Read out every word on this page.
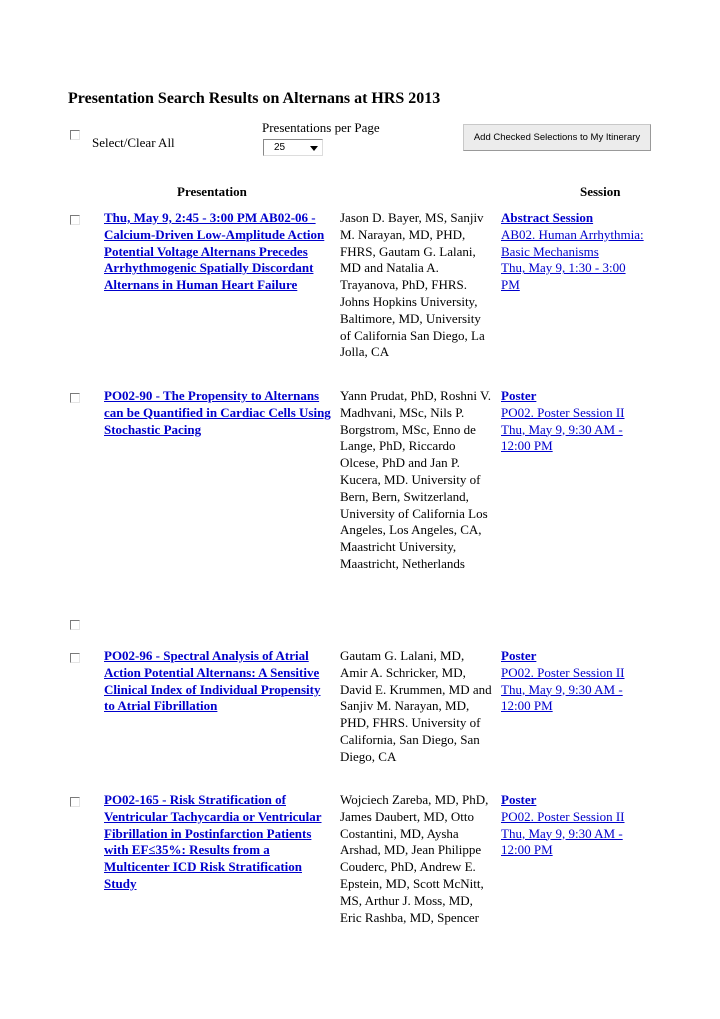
Presentation Search Results on Alternans at HRS 2013
Presentations per Page
Select/Clear All	25
Add Checked Selections to My Itinerary
Presentation	Session
Thu, May 9, 2:45 - 3:00 PM AB02-06 - Calcium-Driven Low-Amplitude Action Potential Voltage Alternans Precedes Arrhythmogenic Spatially Discordant Alternans in Human Heart Failure
Jason D. Bayer, MS, Sanjiv M. Narayan, MD, PHD, FHRS, Gautam G. Lalani, MD and Natalia A. Trayanova, PhD, FHRS. Johns Hopkins University, Baltimore, MD, University of California San Diego, La Jolla, CA
Abstract Session
AB02. Human Arrhythmia: Basic Mechanisms
Thu, May 9, 1:30 - 3:00 PM
PO02-90 - The Propensity to Alternans can be Quantified in Cardiac Cells Using Stochastic Pacing
Yann Prudat, PhD, Roshni V. Madhvani, MSc, Nils P. Borgstrom, MSc, Enno de Lange, PhD, Riccardo Olcese, PhD and Jan P. Kucera, MD. University of Bern, Bern, Switzerland, University of California Los Angeles, Los Angeles, CA, Maastricht University, Maastricht, Netherlands
Poster
PO02. Poster Session II
Thu, May 9, 9:30 AM - 12:00 PM
PO02-96 - Spectral Analysis of Atrial Action Potential Alternans: A Sensitive Clinical Index of Individual Propensity to Atrial Fibrillation
Gautam G. Lalani, MD, Amir A. Schricker, MD, David E. Krummen, MD and Sanjiv M. Narayan, MD, PHD, FHRS. University of California, San Diego, San Diego, CA
Poster
PO02. Poster Session II
Thu, May 9, 9:30 AM - 12:00 PM
PO02-165 - Risk Stratification of Ventricular Tachycardia or Ventricular Fibrillation in Postinfarction Patients with EF≤35%: Results from a Multicenter ICD Risk Stratification Study
Wojciech Zareba, MD, PhD, James Daubert, MD, Otto Costantini, MD, Aysha Arshad, MD, Jean Philippe Couderc, PhD, Andrew E. Epstein, MD, Scott McNitt, MS, Arthur J. Moss, MD, Eric Rashba, MD, Spencer
Poster
PO02. Poster Session II
Thu, May 9, 9:30 AM - 12:00 PM
